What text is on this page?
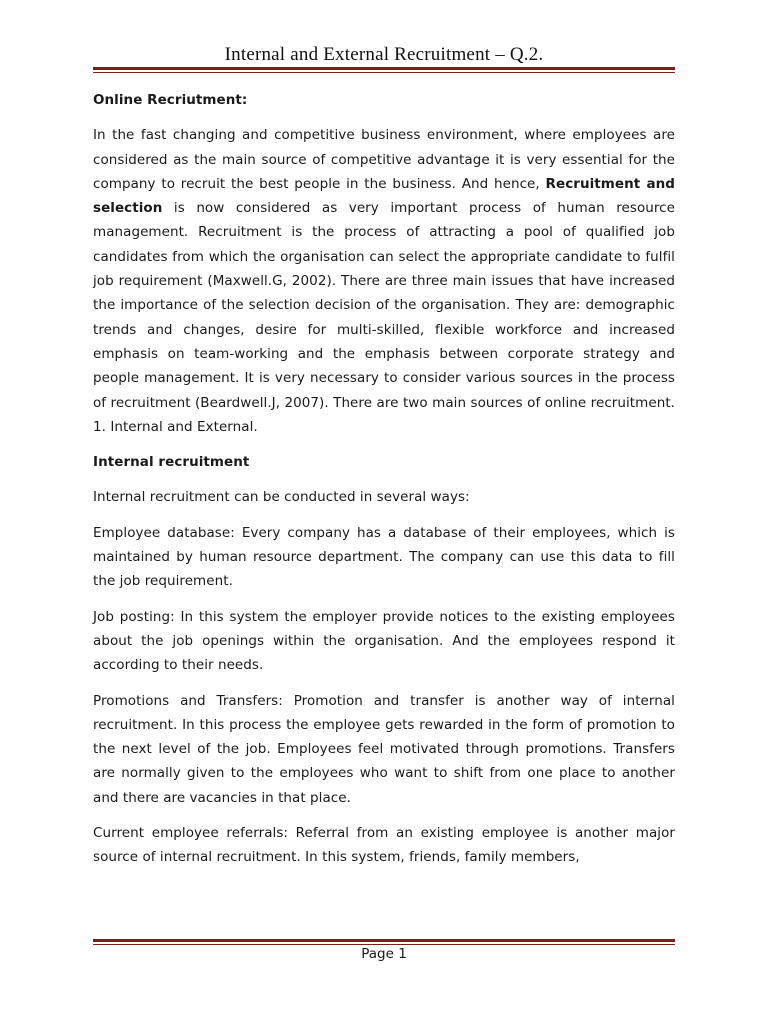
Internal and External Recruitment – Q.2.

Online Recriutment:

In the fast changing and competitive business environment, where employees are considered as the main source of competitive advantage it is very essential for the company to recruit the best people in the business. And hence, Recruitment and selection is now considered as very important process of human resource management. Recruitment is the process of attracting a pool of qualified job candidates from which the organisation can select the appropriate candidate to fulfil job requirement (Maxwell.G, 2002). There are three main issues that have increased the importance of the selection decision of the organisation. They are: demographic trends and changes, desire for multi-skilled, flexible workforce and increased emphasis on team-working and the emphasis between corporate strategy and people management. It is very necessary to consider various sources in the process of recruitment (Beardwell.J, 2007). There are two main sources of online recruitment. 1. Internal and External.

Internal recruitment

Internal recruitment can be conducted in several ways:

Employee database: Every company has a database of their employees, which is maintained by human resource department. The company can use this data to fill the job requirement.

Job posting: In this system the employer provide notices to the existing employees about the job openings within the organisation. And the employees respond it according to their needs.

Promotions and Transfers: Promotion and transfer is another way of internal recruitment. In this process the employee gets rewarded in the form of promotion to the next level of the job. Employees feel motivated through promotions. Transfers are normally given to the employees who want to shift from one place to another and there are vacancies in that place.

Current employee referrals: Referral from an existing employee is another major source of internal recruitment. In this system, friends, family members,

Page 1
